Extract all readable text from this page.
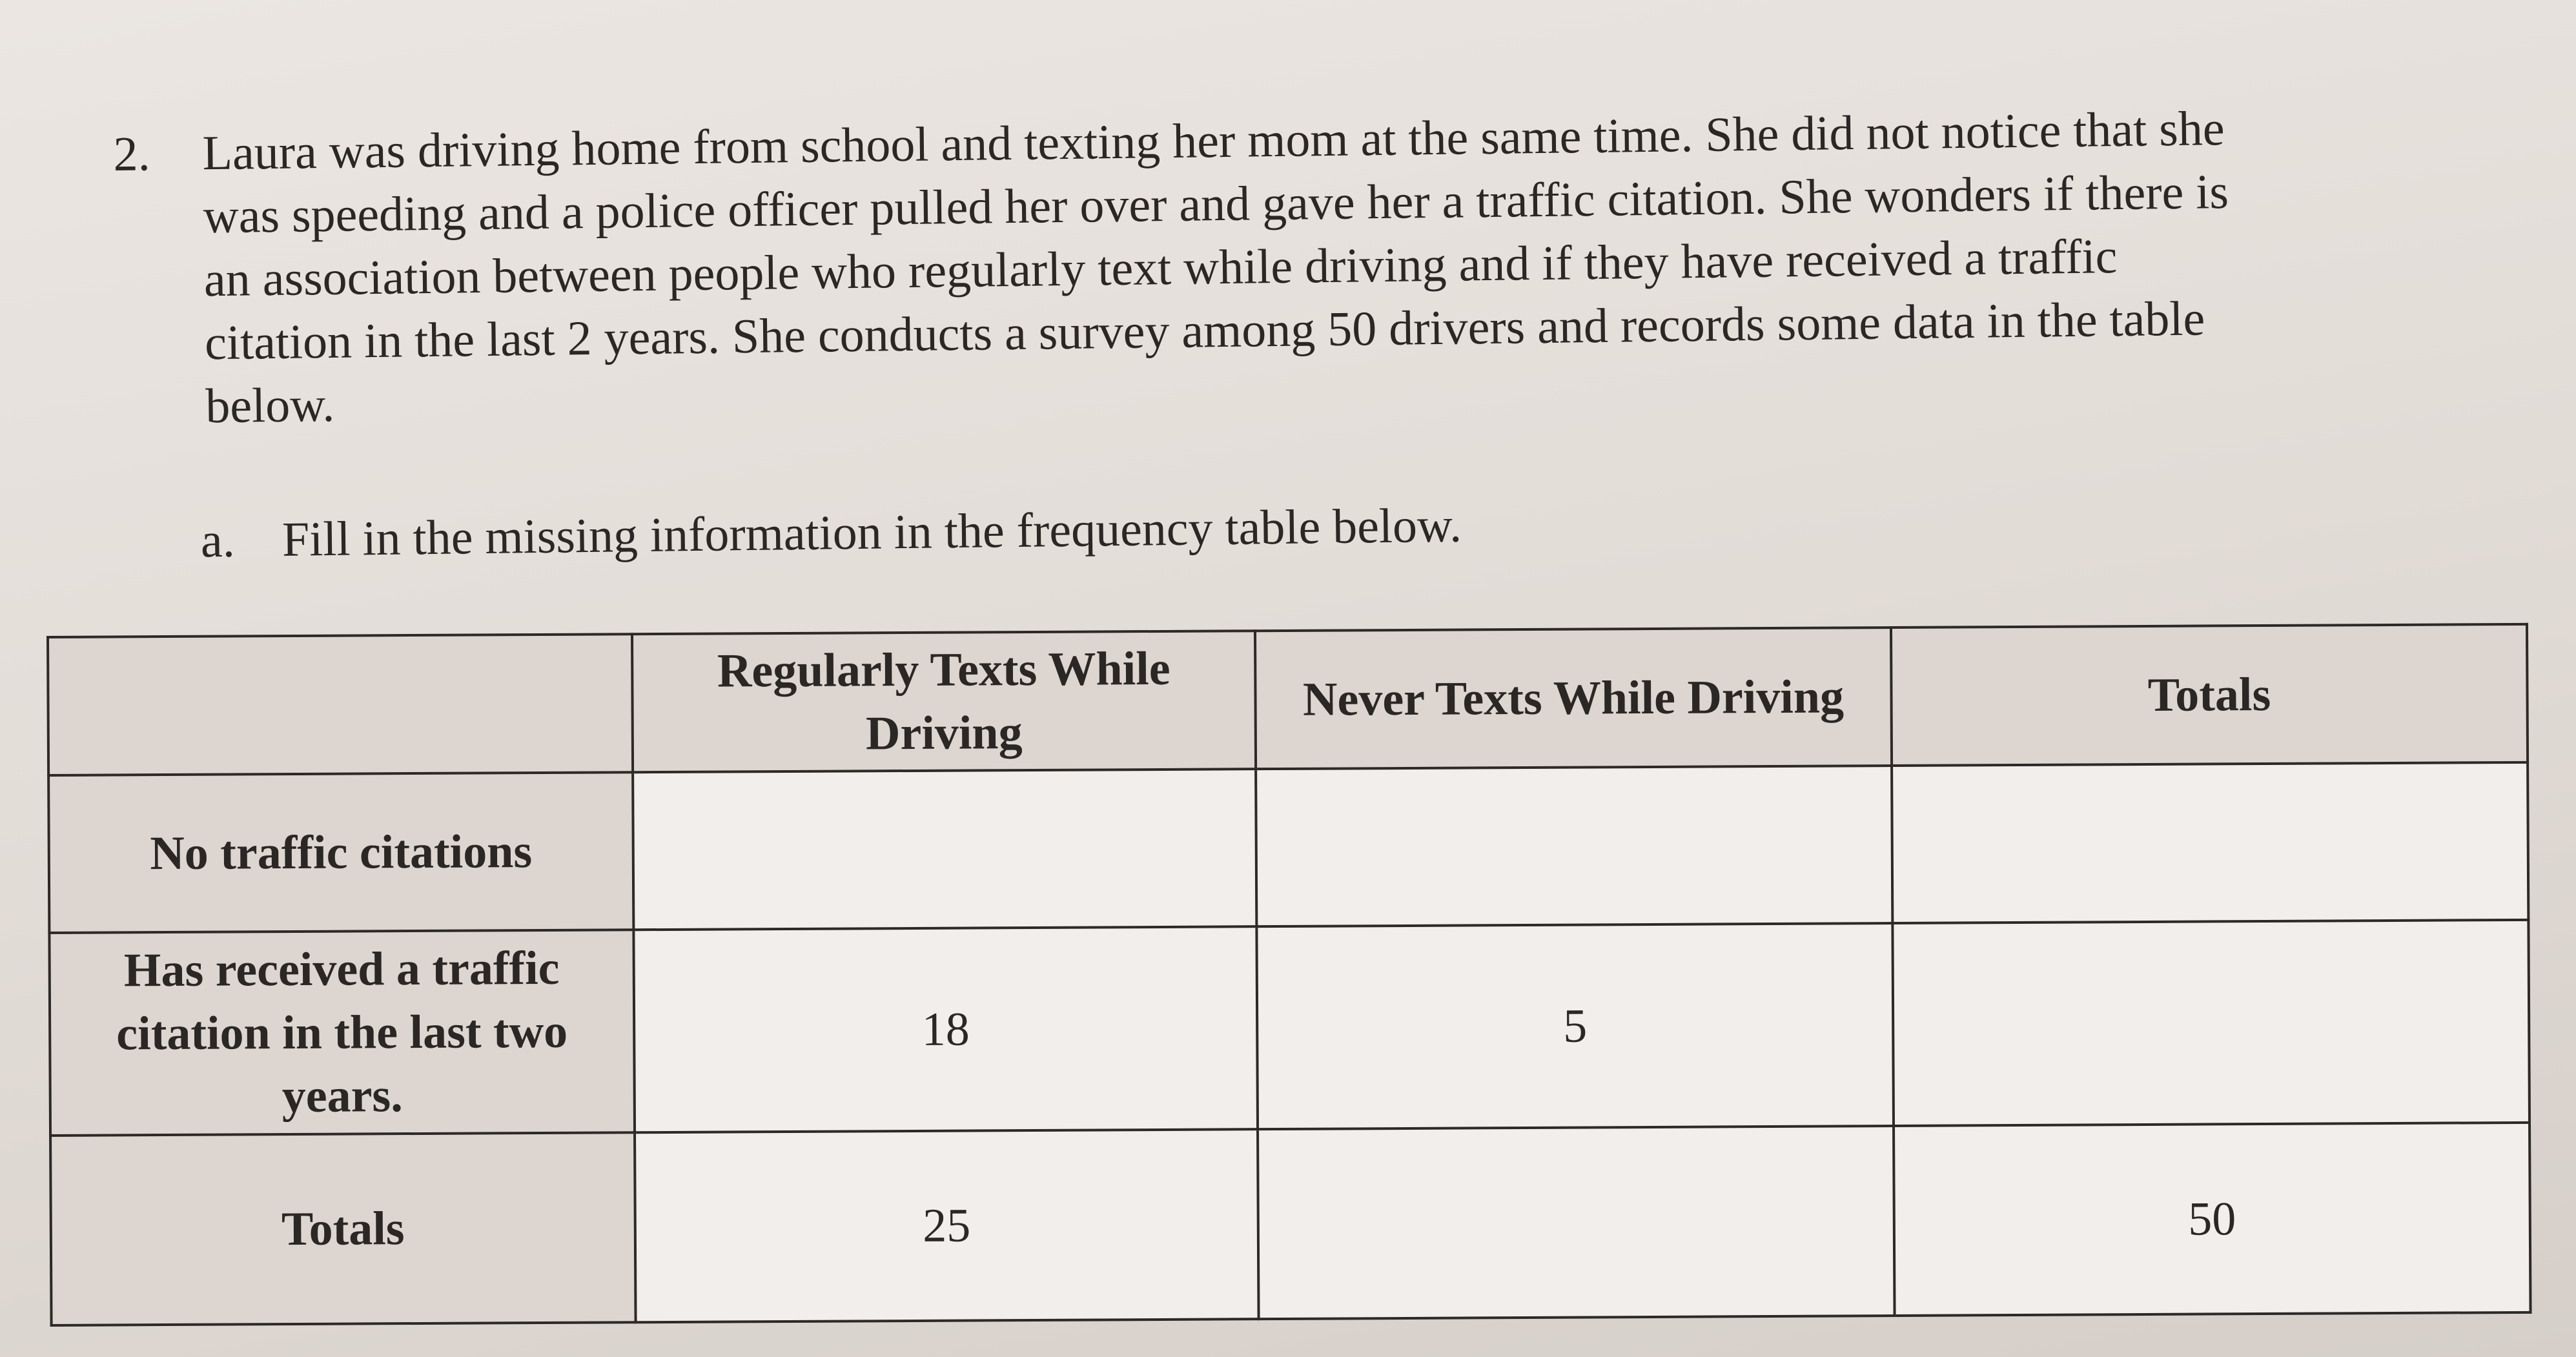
2. Laura was driving home from school and texting her mom at the same time. She did not notice that she
was speeding and a police officer pulled her over and gave her a traffic citation. She wonders if there is
an association between people who regularly text while driving and if they have received a traffic
citation in the last 2 years. She conducts a survey among 50 drivers and records some data in the table
below.
a. Fill in the missing information in the frequency table below.
	Regularly Texts While Driving	Never Texts While Driving	Totals
No traffic citations			
Has received a traffic citation in the last two years.	18	5	
Totals	25		50
